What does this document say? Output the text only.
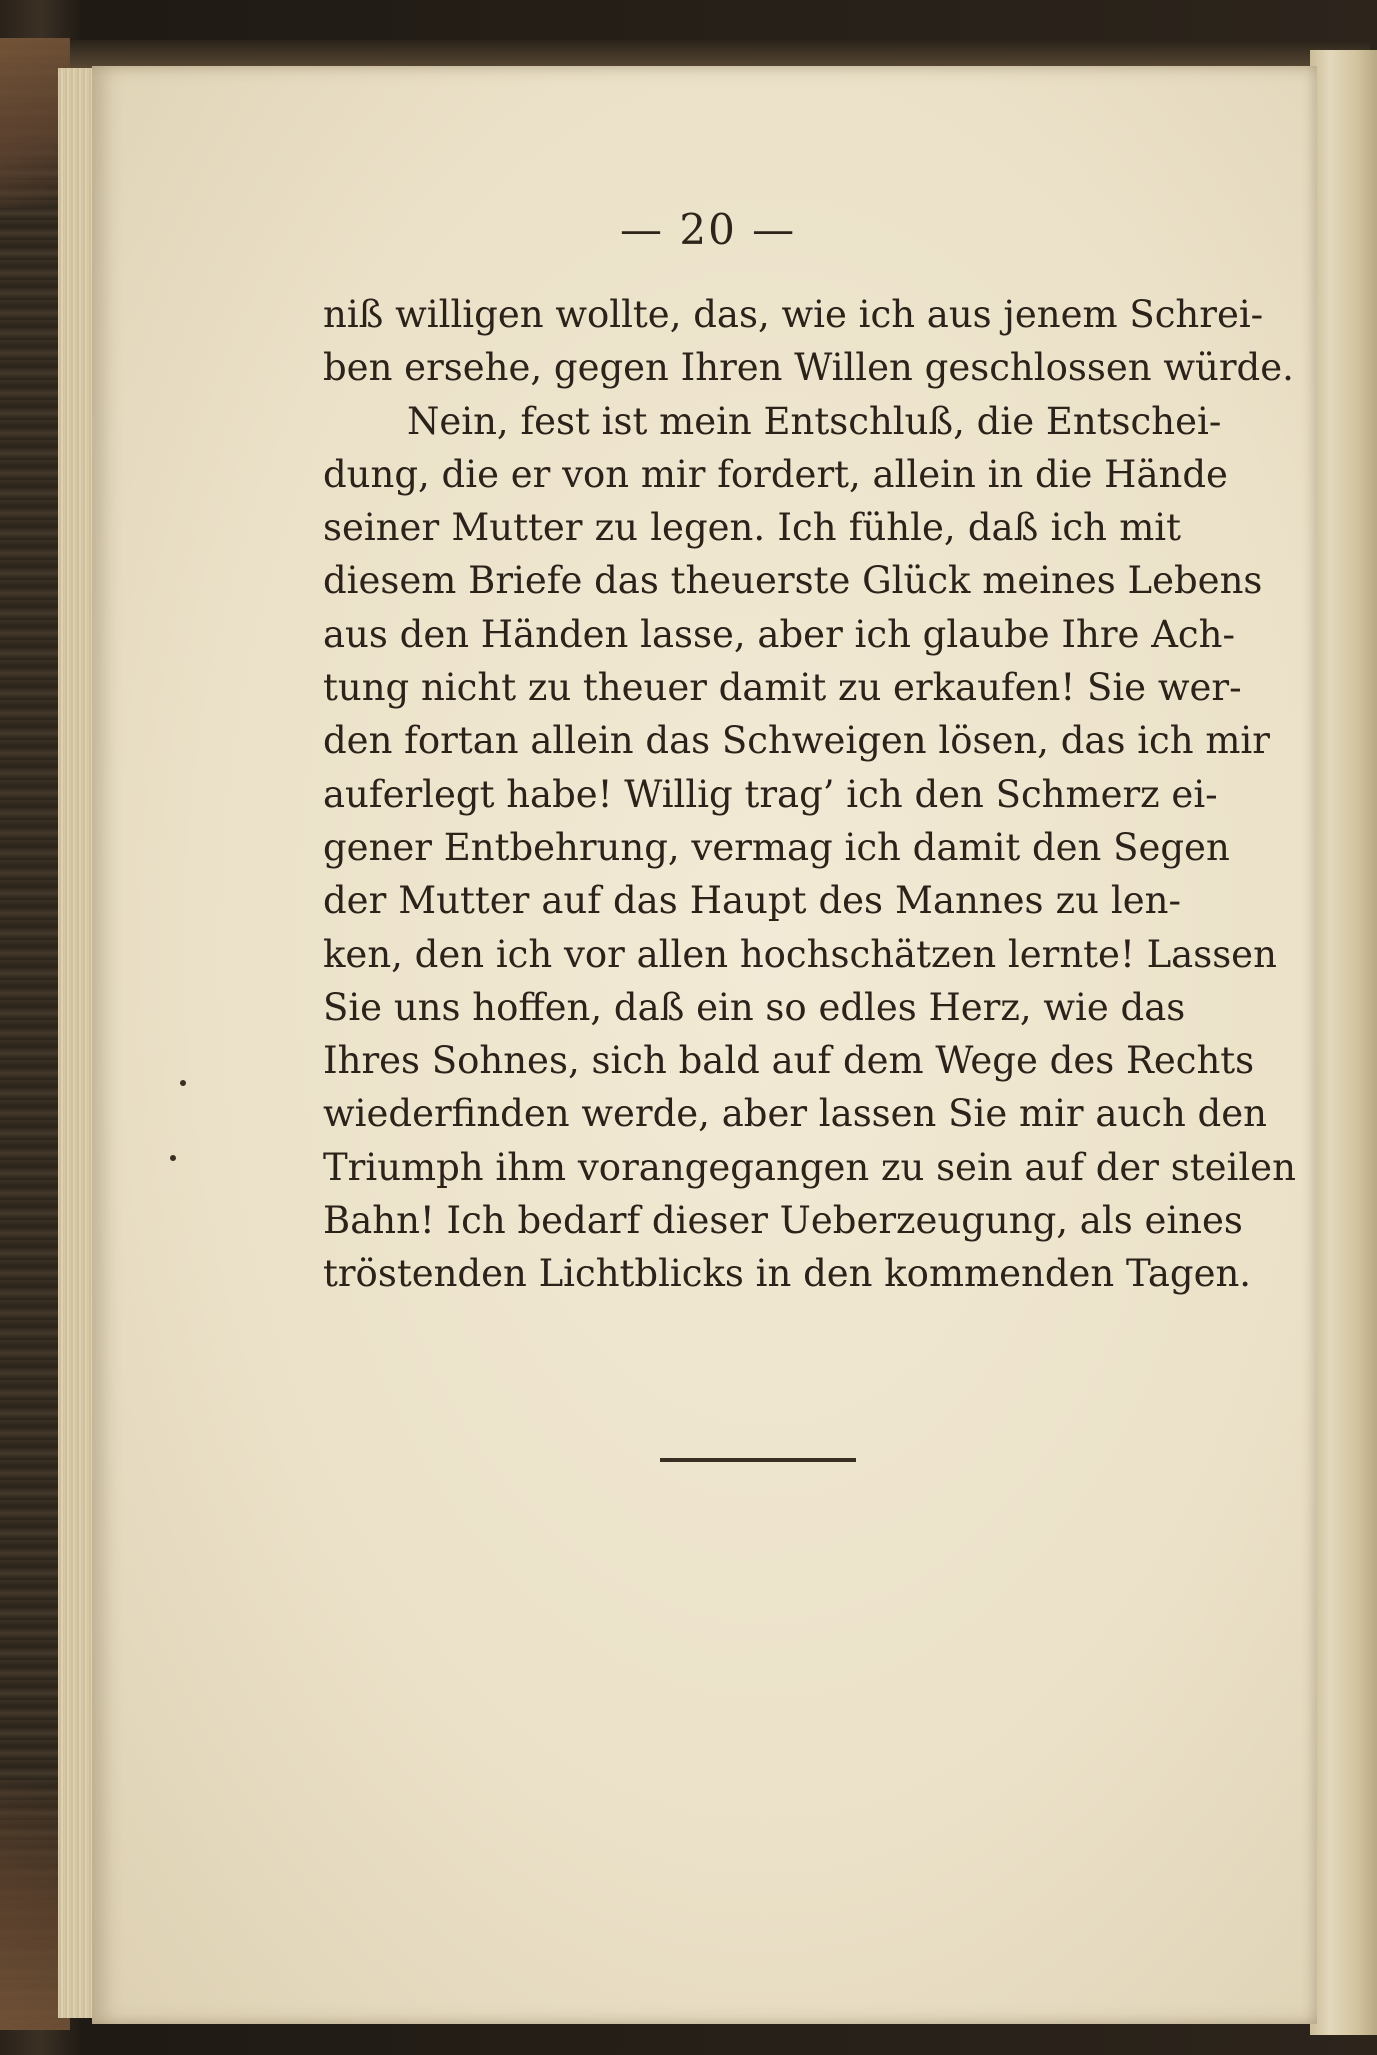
— 20 —
niß willigen wollte, das, wie ich aus jenem Schrei-
ben ersehe, gegen Ihren Willen geschlossen würde.
Nein, fest ist mein Entschluß, die Entschei-
dung, die er von mir fordert, allein in die Hände
seiner Mutter zu legen. Ich fühle, daß ich mit
diesem Briefe das theuerste Glück meines Lebens
aus den Händen lasse, aber ich glaube Ihre Ach-
tung nicht zu theuer damit zu erkaufen! Sie wer-
den fortan allein das Schweigen lösen, das ich mir
auferlegt habe! Willig trag’ ich den Schmerz ei-
gener Entbehrung, vermag ich damit den Segen
der Mutter auf das Haupt des Mannes zu len-
ken, den ich vor allen hochschätzen lernte! Lassen
Sie uns hoffen, daß ein so edles Herz, wie das
Ihres Sohnes, sich bald auf dem Wege des Rechts
wiederfinden werde, aber lassen Sie mir auch den
Triumph ihm vorangegangen zu sein auf der steilen
Bahn! Ich bedarf dieser Ueberzeugung, als eines
tröstenden Lichtblicks in den kommenden Tagen.
